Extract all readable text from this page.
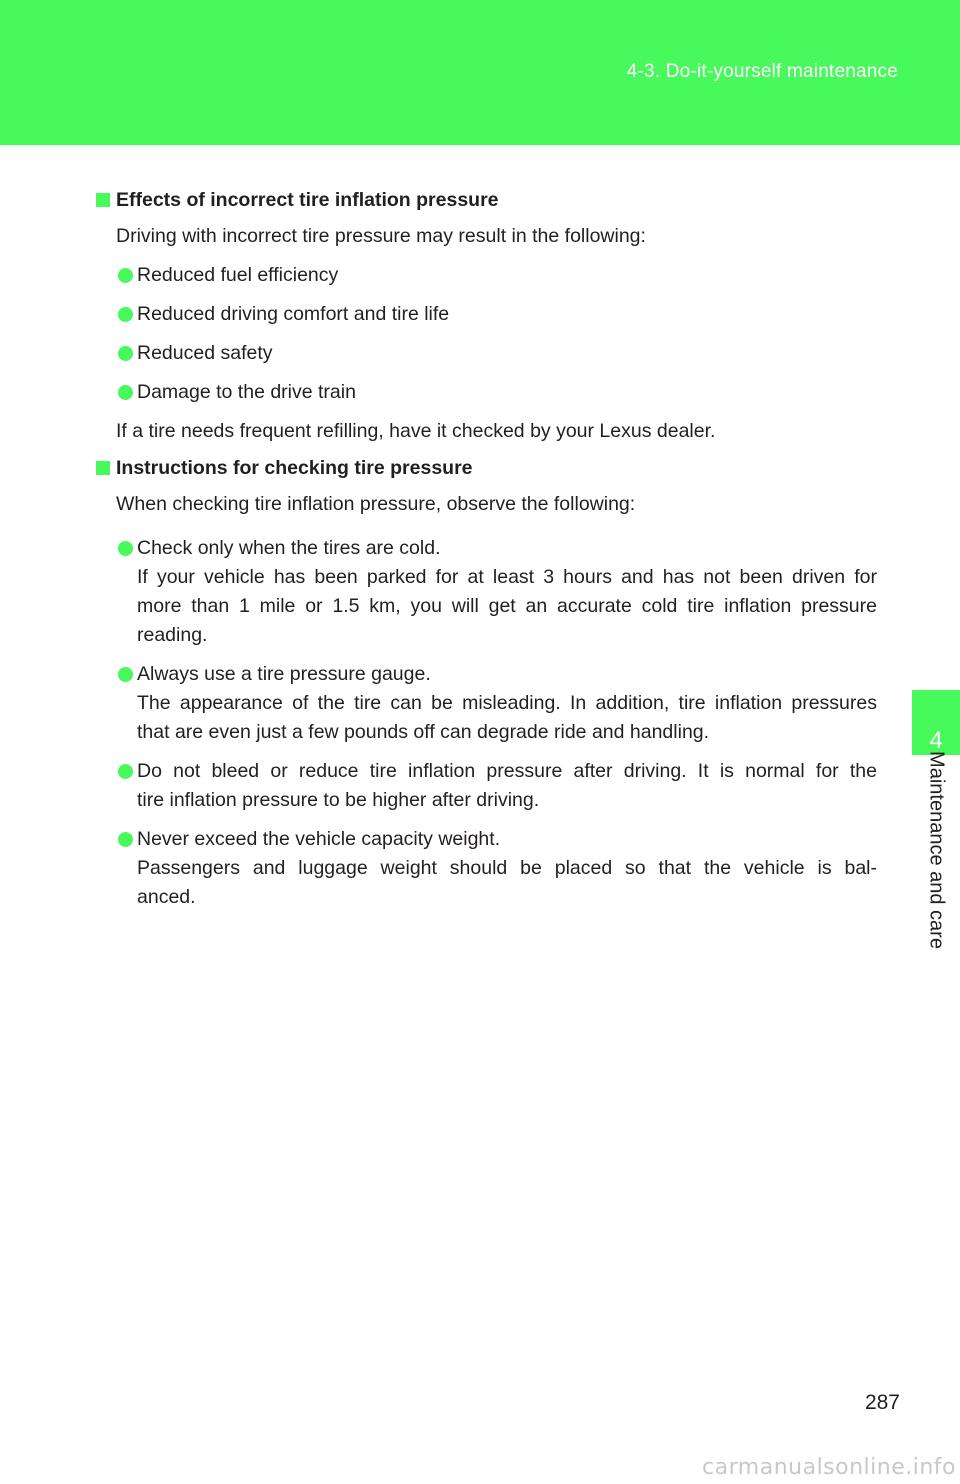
4-3. Do-it-yourself maintenance
4
Maintenance and care
Effects of incorrect tire inflation pressure

Driving with incorrect tire pressure may result in the following:

Reduced fuel efficiency
Reduced driving comfort and tire life
Reduced safety
Damage to the drive train

If a tire needs frequent refilling, have it checked by your Lexus dealer.

Instructions for checking tire pressure

When checking tire inflation pressure, observe the following:

Check only when the tires are cold.
If your vehicle has been parked for at least 3 hours and has not been driven for
more than 1 mile or 1.5 km, you will get an accurate cold tire inflation pressure
reading.
Always use a tire pressure gauge.
The appearance of the tire can be misleading. In addition, tire inflation pressures
that are even just a few pounds off can degrade ride and handling.
Do not bleed or reduce tire inflation pressure after driving. It is normal for the
tire inflation pressure to be higher after driving.
Never exceed the vehicle capacity weight.
Passengers and luggage weight should be placed so that the vehicle is bal-
anced.
287
carmanualsonline.info
